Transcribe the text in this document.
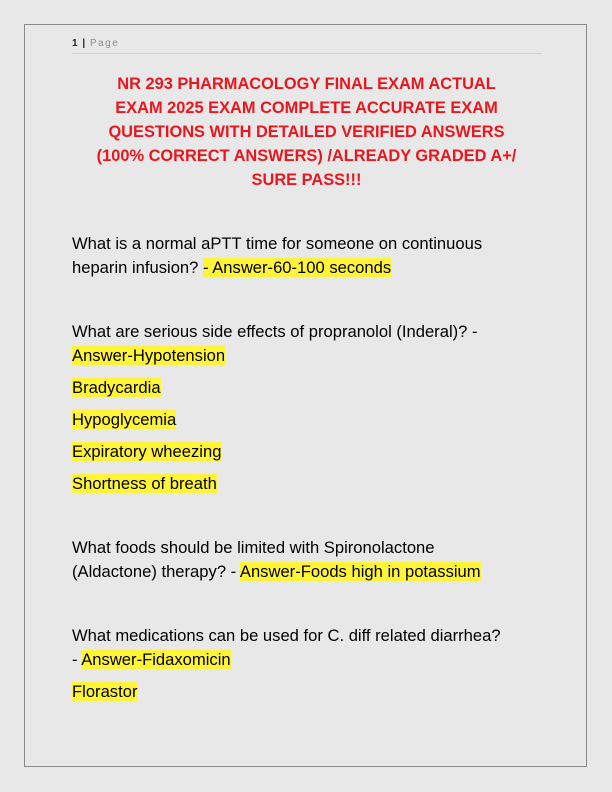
1 | Page
NR 293 PHARMACOLOGY FINAL EXAM ACTUAL
EXAM 2025 EXAM COMPLETE ACCURATE EXAM
QUESTIONS WITH DETAILED VERIFIED ANSWERS
(100% CORRECT ANSWERS) /ALREADY GRADED A+/
SURE PASS!!!
What is a normal aPTT time for someone on continuous
heparin infusion? - Answer-60-100 seconds
What are serious side effects of propranolol (Inderal)? -
Answer-Hypotension
Bradycardia
Hypoglycemia
Expiratory wheezing
Shortness of breath
What foods should be limited with Spironolactone
(Aldactone) therapy? - Answer-Foods high in potassium
What medications can be used for C. diff related diarrhea?
- Answer-Fidaxomicin
Florastor
